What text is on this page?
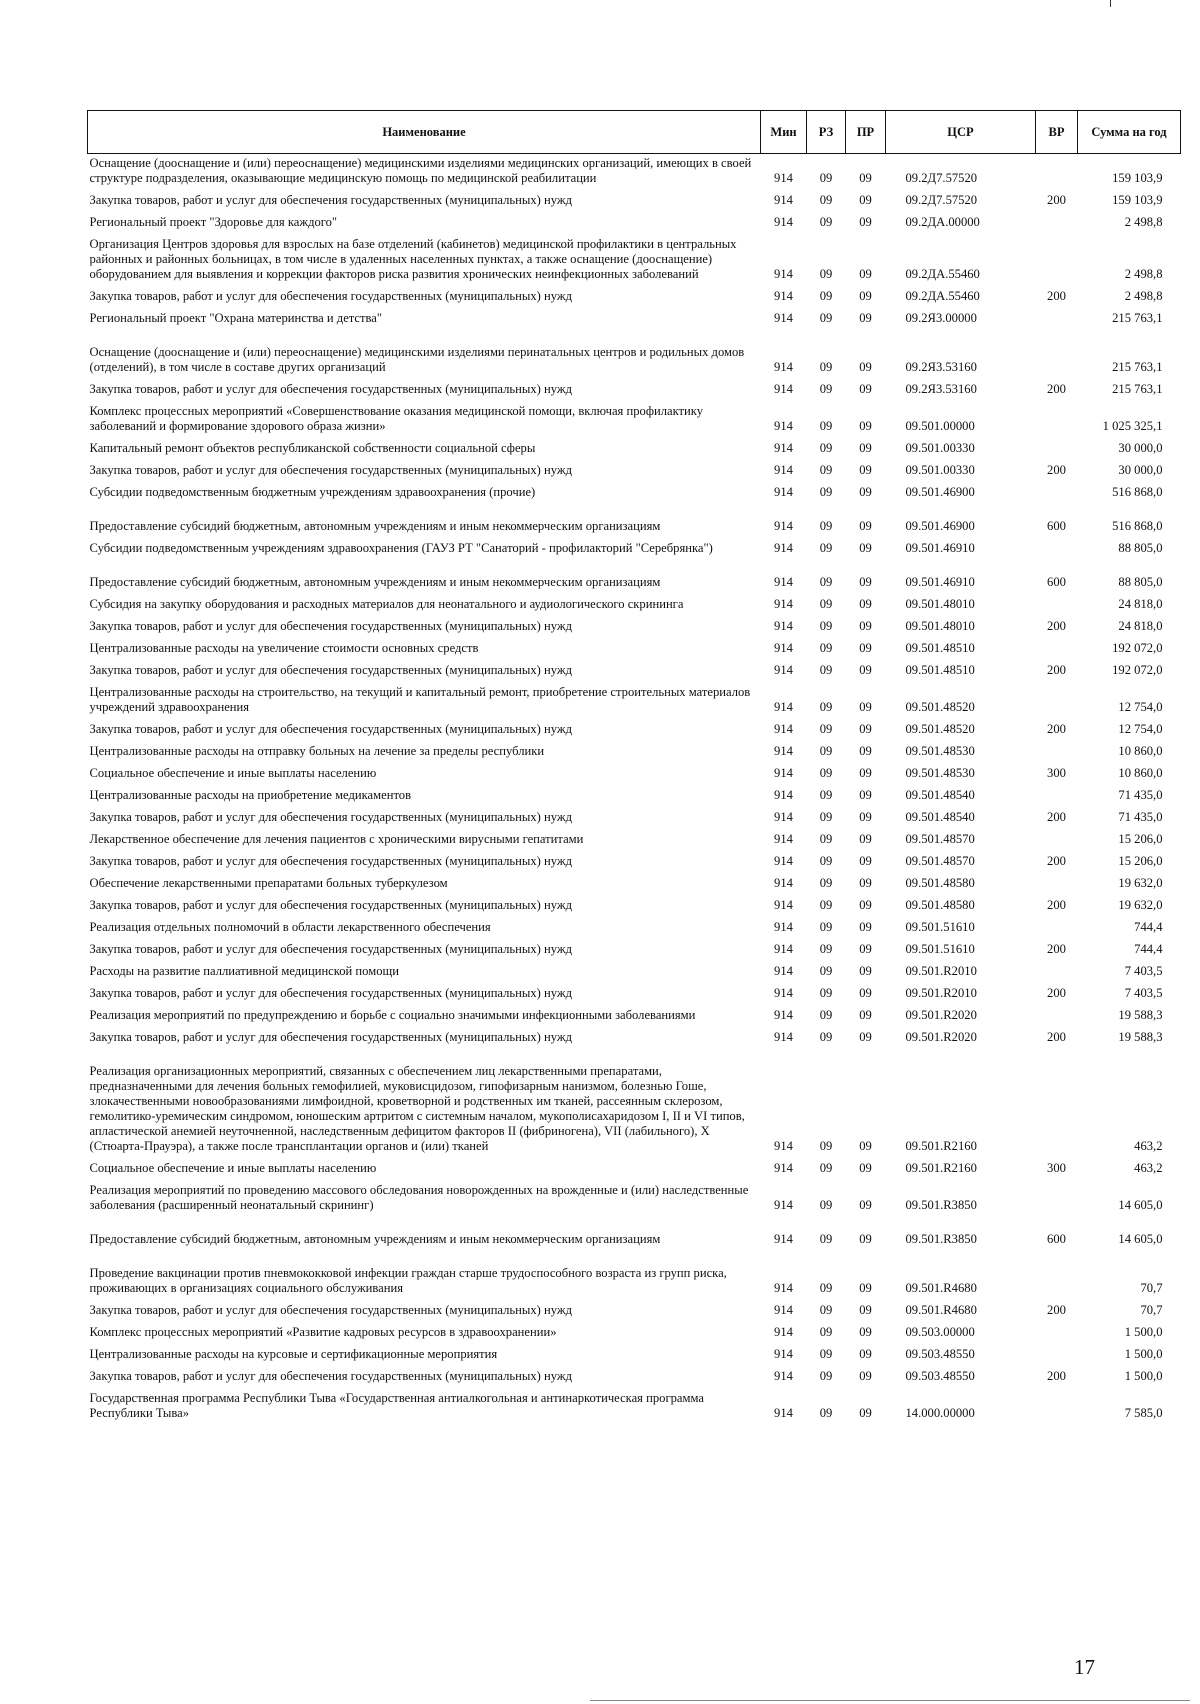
Наименование	Мин	РЗ	ПР	ЦСР	ВР	Сумма на год
Оснащение (дооснащение и (или) переоснащение) медицинскими изделиями медицинских организаций, имеющих в своей структуре подразделения, оказывающие медицинскую помощь по медицинской реабилитации	914	09	09	09.2Д7.57520		159 103,9
Закупка товаров, работ и услуг для обеспечения государственных (муниципальных) нужд	914	09	09	09.2Д7.57520	200	159 103,9
Региональный проект "Здоровье для каждого"	914	09	09	09.2ДА.00000		2 498,8
Организация Центров здоровья для взрослых на базе отделений (кабинетов) медицинской профилактики в центральных районных и районных больницах, в том числе в удаленных населенных пунктах, а также оснащение (дооснащение) оборудованием для выявления и коррекции факторов риска развития хронических неинфекционных заболеваний	914	09	09	09.2ДА.55460		2 498,8
Закупка товаров, работ и услуг для обеспечения государственных (муниципальных) нужд	914	09	09	09.2ДА.55460	200	2 498,8
Региональный проект "Охрана материнства и детства"	914	09	09	09.2Я3.00000		215 763,1
Оснащение (дооснащение и (или) переоснащение) медицинскими изделиями перинатальных центров и родильных домов (отделений), в том числе в составе других организаций	914	09	09	09.2Я3.53160		215 763,1
Закупка товаров, работ и услуг для обеспечения государственных (муниципальных) нужд	914	09	09	09.2Я3.53160	200	215 763,1
Комплекс процессных мероприятий «Совершенствование оказания медицинской помощи, включая профилактику заболеваний и формирование здорового образа жизни»	914	09	09	09.501.00000		1 025 325,1
Капитальный ремонт объектов республиканской собственности социальной сферы	914	09	09	09.501.00330		30 000,0
Закупка товаров, работ и услуг для обеспечения государственных (муниципальных) нужд	914	09	09	09.501.00330	200	30 000,0
Субсидии подведомственным бюджетным учреждениям здравоохранения (прочие)	914	09	09	09.501.46900		516 868,0
Предоставление субсидий бюджетным, автономным учреждениям и иным некоммерческим организациям	914	09	09	09.501.46900	600	516 868,0
Субсидии подведомственным учреждениям здравоохранения (ГАУЗ РТ "Санаторий - профилакторий "Серебрянка")	914	09	09	09.501.46910		88 805,0
Предоставление субсидий бюджетным, автономным учреждениям и иным некоммерческим организациям	914	09	09	09.501.46910	600	88 805,0
Субсидия на закупку оборудования и расходных материалов для неонатального и аудиологического скрининга	914	09	09	09.501.48010		24 818,0
Закупка товаров, работ и услуг для обеспечения государственных (муниципальных) нужд	914	09	09	09.501.48010	200	24 818,0
Централизованные расходы на увеличение стоимости основных средств	914	09	09	09.501.48510		192 072,0
Закупка товаров, работ и услуг для обеспечения государственных (муниципальных) нужд	914	09	09	09.501.48510	200	192 072,0
Централизованные расходы на строительство, на текущий и капитальный ремонт, приобретение строительных материалов учреждений здравоохранения	914	09	09	09.501.48520		12 754,0
Закупка товаров, работ и услуг для обеспечения государственных (муниципальных) нужд	914	09	09	09.501.48520	200	12 754,0
Централизованные расходы на отправку больных на лечение за пределы республики	914	09	09	09.501.48530		10 860,0
Социальное обеспечение и иные выплаты населению	914	09	09	09.501.48530	300	10 860,0
Централизованные расходы на приобретение медикаментов	914	09	09	09.501.48540		71 435,0
Закупка товаров, работ и услуг для обеспечения государственных (муниципальных) нужд	914	09	09	09.501.48540	200	71 435,0
Лекарственное обеспечение для лечения пациентов с хроническими вирусными гепатитами	914	09	09	09.501.48570		15 206,0
Закупка товаров, работ и услуг для обеспечения государственных (муниципальных) нужд	914	09	09	09.501.48570	200	15 206,0
Обеспечение лекарственными препаратами больных туберкулезом	914	09	09	09.501.48580		19 632,0
Закупка товаров, работ и услуг для обеспечения государственных (муниципальных) нужд	914	09	09	09.501.48580	200	19 632,0
Реализация отдельных полномочий в области лекарственного обеспечения	914	09	09	09.501.51610		744,4
Закупка товаров, работ и услуг для обеспечения государственных (муниципальных) нужд	914	09	09	09.501.51610	200	744,4
Расходы на развитие паллиативной медицинской помощи	914	09	09	09.501.R2010		7 403,5
Закупка товаров, работ и услуг для обеспечения государственных (муниципальных) нужд	914	09	09	09.501.R2010	200	7 403,5
Реализация мероприятий по предупреждению и борьбе с социально значимыми инфекционными заболеваниями	914	09	09	09.501.R2020		19 588,3
Закупка товаров, работ и услуг для обеспечения государственных (муниципальных) нужд	914	09	09	09.501.R2020	200	19 588,3
Реализация организационных мероприятий, связанных с обеспечением лиц лекарственными препаратами, предназначенными для лечения больных гемофилией, муковисцидозом, гипофизарным нанизмом, болезнью Гоше, злокачественными новообразованиями лимфоидной, кроветворной и родственных им тканей, рассеянным склерозом, гемолитико-уремическим синдромом, юношеским артритом с системным началом, мукополисахаридозом I, II и VI типов, апластической анемией неуточненной, наследственным дефицитом факторов II (фибриногена), VII (лабильного), X (Стюарта-Прауэра), а также после трансплантации органов и (или) тканей	914	09	09	09.501.R2160		463,2
Социальное обеспечение и иные выплаты населению	914	09	09	09.501.R2160	300	463,2
Реализация мероприятий по проведению массового обследования новорожденных на врожденные и (или) наследственные заболевания (расширенный неонатальный скрининг)	914	09	09	09.501.R3850		14 605,0
Предоставление субсидий бюджетным, автономным учреждениям и иным некоммерческим организациям	914	09	09	09.501.R3850	600	14 605,0
Проведение вакцинации против пневмококковой инфекции граждан старше трудоспособного возраста из групп риска, проживающих в организациях социального обслуживания	914	09	09	09.501.R4680		70,7
Закупка товаров, работ и услуг для обеспечения государственных (муниципальных) нужд	914	09	09	09.501.R4680	200	70,7
Комплекс процессных мероприятий «Развитие кадровых ресурсов в здравоохранении»	914	09	09	09.503.00000		1 500,0
Централизованные расходы на курсовые и сертификационные мероприятия	914	09	09	09.503.48550		1 500,0
Закупка товаров, работ и услуг для обеспечения государственных (муниципальных) нужд	914	09	09	09.503.48550	200	1 500,0
Государственная программа Республики Тыва «Государственная антиалкогольная и антинаркотическая программа Республики Тыва»	914	09	09	14.000.00000		7 585,0
17
